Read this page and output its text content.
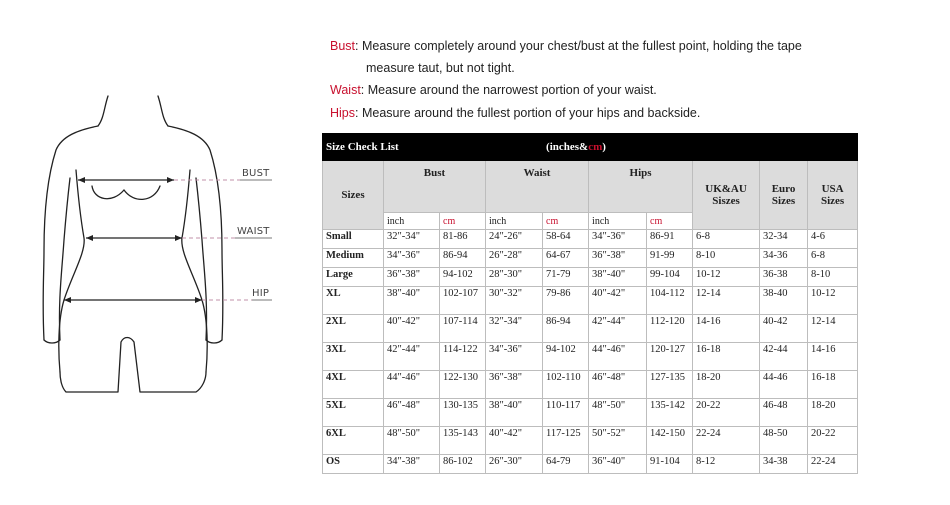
BUST
WAIST
HIP
Bust: Measure completely around your chest/bust at the fullest point, holding the tape
measure taut, but not tight.
Waist: Measure around the narrowest portion of your waist.
Hips: Measure around the fullest portion of your hips and backside.
Size Check List				(inches&cm)					
Sizes	Bust		Waist		Hips		UK&AU Siszes	Euro Sizes	USA Sizes
	inch	cm	inch	cm	inch	cm			
Small	32"-34"	81-86	24"-26"	58-64	34"-36"	86-91	6-8	32-34	4-6
Medium	34"-36"	86-94	26"-28"	64-67	36"-38"	91-99	8-10	34-36	6-8
Large	36"-38"	94-102	28"-30"	71-79	38"-40"	99-104	10-12	36-38	8-10
XL	38"-40"	102-107	30"-32"	79-86	40"-42"	104-112	12-14	38-40	10-12
2XL	40"-42"	107-114	32"-34"	86-94	42"-44"	112-120	14-16	40-42	12-14
3XL	42"-44"	114-122	34"-36"	94-102	44"-46"	120-127	16-18	42-44	14-16
4XL	44"-46"	122-130	36"-38"	102-110	46"-48"	127-135	18-20	44-46	16-18
5XL	46"-48"	130-135	38"-40"	110-117	48"-50"	135-142	20-22	46-48	18-20
6XL	48"-50"	135-143	40"-42"	117-125	50"-52"	142-150	22-24	48-50	20-22
OS	34"-38"	86-102	26"-30"	64-79	36"-40"	91-104	8-12	34-38	22-24
